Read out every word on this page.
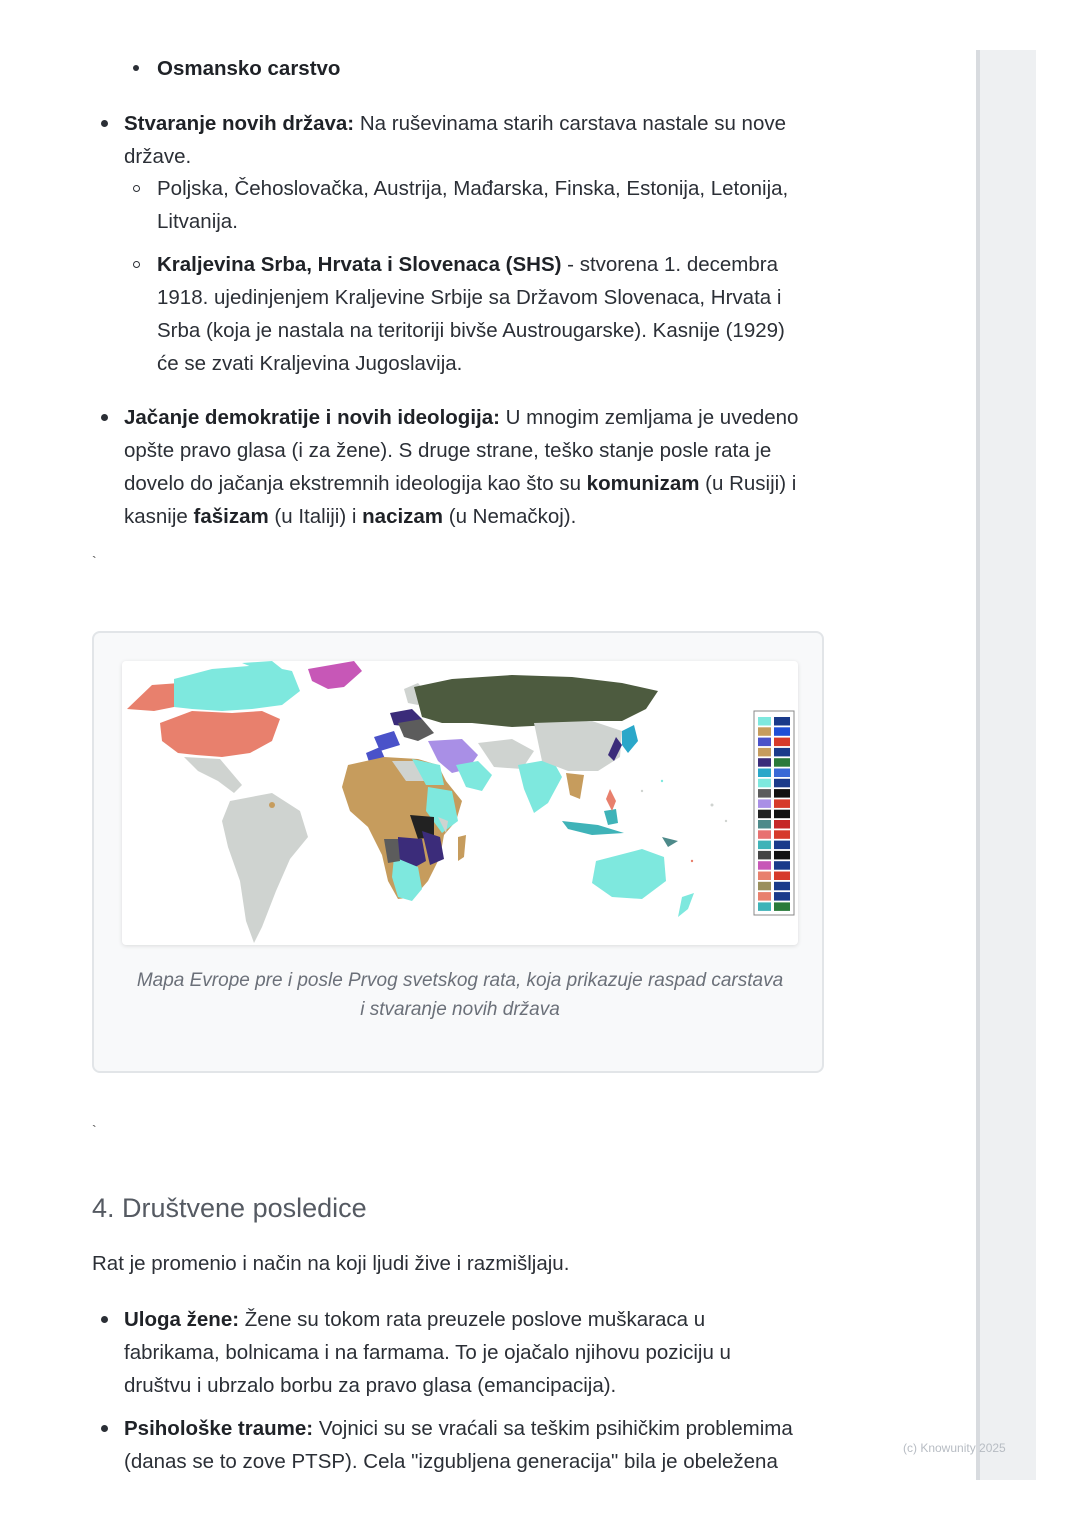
Osmansko carstvo
Stvaranje novih država: Na ruševinama starih carstava nastale su nove
države.
Poljska, Čehoslovačka, Austrija, Mađarska, Finska, Estonija, Letonija,
Litvanija.
Kraljevina Srba, Hrvata i Slovenaca (SHS) - stvorena 1. decembra
1918. ujedinjenjem Kraljevine Srbije sa Državom Slovenaca, Hrvata i
Srba (koja je nastala na teritoriji bivše Austrougarske). Kasnije (1929)
će se zvati Kraljevina Jugoslavija.
Jačanje demokratije i novih ideologija: U mnogim zemljama je uvedeno
opšte pravo glasa (i za žene). S druge strane, teško stanje posle rata je
dovelo do jačanja ekstremnih ideologija kao što su komunizam (u Rusiji) i
kasnije fašizam (u Italiji) i nacizam (u Nemačkoj).
`
Mapa Evrope pre i posle Prvog svetskog rata, koja prikazuje raspad carstava
i stvaranje novih država
`
4. Društvene posledice
Rat je promenio i način na koji ljudi žive i razmišljaju.
Uloga žene: Žene su tokom rata preuzele poslove muškaraca u
fabrikama, bolnicama i na farmama. To je ojačalo njihovu poziciju u
društvu i ubrzalo borbu za pravo glasa (emancipacija).
Psihološke traume: Vojnici su se vraćali sa teškim psihičkim problemima
(danas se to zove PTSP). Cela "izgubljena generacija" bila je obeležena
(c) Knowunity 2025
